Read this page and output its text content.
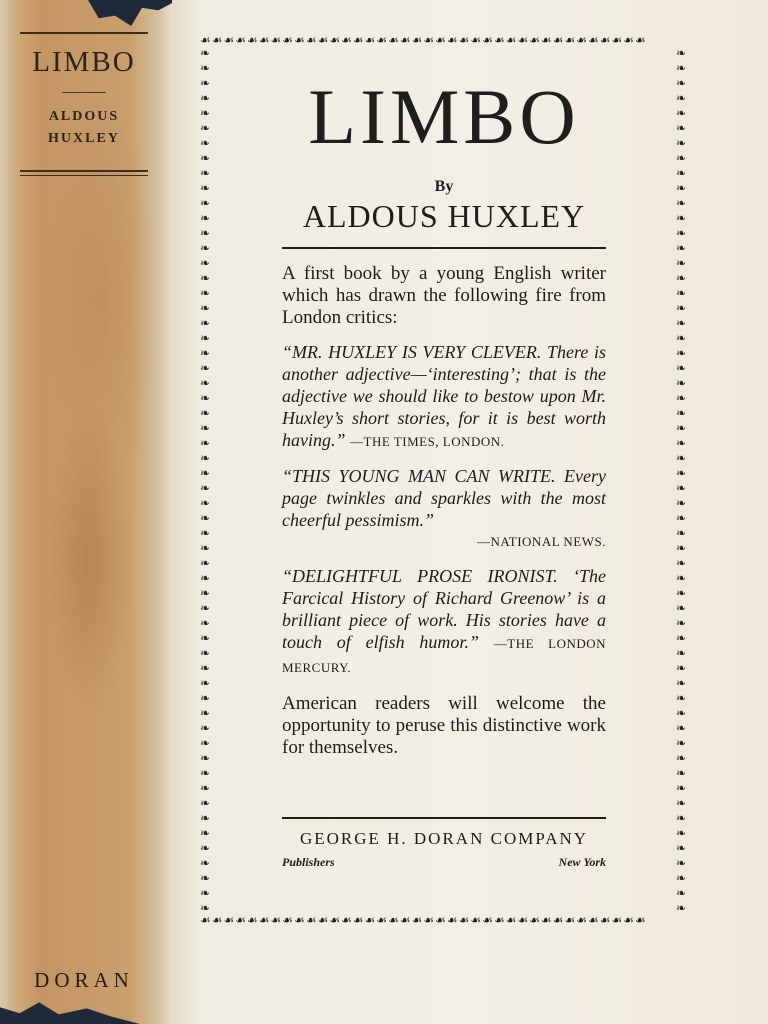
LIMBO
ALDOUS
HUXLEY
DORAN
☙☙☙☙☙☙☙☙☙☙☙☙☙☙☙☙☙☙☙☙☙☙☙☙☙☙☙☙☙☙☙☙☙☙☙☙☙☙
❧❧❧❧❧❧❧❧❧❧❧❧❧❧❧❧❧❧❧❧❧❧❧❧❧❧❧❧❧❧❧❧❧❧❧❧❧❧❧❧❧❧❧❧❧❧❧❧❧❧❧❧❧❧❧❧❧❧
❧❧❧❧❧❧❧❧❧❧❧❧❧❧❧❧❧❧❧❧❧❧❧❧❧❧❧❧❧❧❧❧❧❧❧❧❧❧❧❧❧❧❧❧❧❧❧❧❧❧❧❧❧❧❧❧❧❧
☙☙☙☙☙☙☙☙☙☙☙☙☙☙☙☙☙☙☙☙☙☙☙☙☙☙☙☙☙☙☙☙☙☙☙☙☙☙
LIMBO
By
ALDOUS HUXLEY
A first book by a young English writer which has drawn the following fire from London critics:
“MR. HUXLEY IS VERY CLEVER. There is another adjective—‘interesting’; that is the adjective we should like to bestow upon Mr. Huxley’s short stories, for it is best worth having.” —THE TIMES, LONDON.
“THIS YOUNG MAN CAN WRITE. Every page twinkles and sparkles with the most cheerful pessimism.”
—NATIONAL NEWS.
“DELIGHTFUL PROSE IRONIST. ‘The Farcical History of Richard Greenow’ is a brilliant piece of work. His stories have a touch of elfish humor.” —THE LONDON MERCURY.
American readers will welcome the opportunity to peruse this distinctive work for themselves.
GEORGE H. DORAN COMPANY
Publishers	New York
